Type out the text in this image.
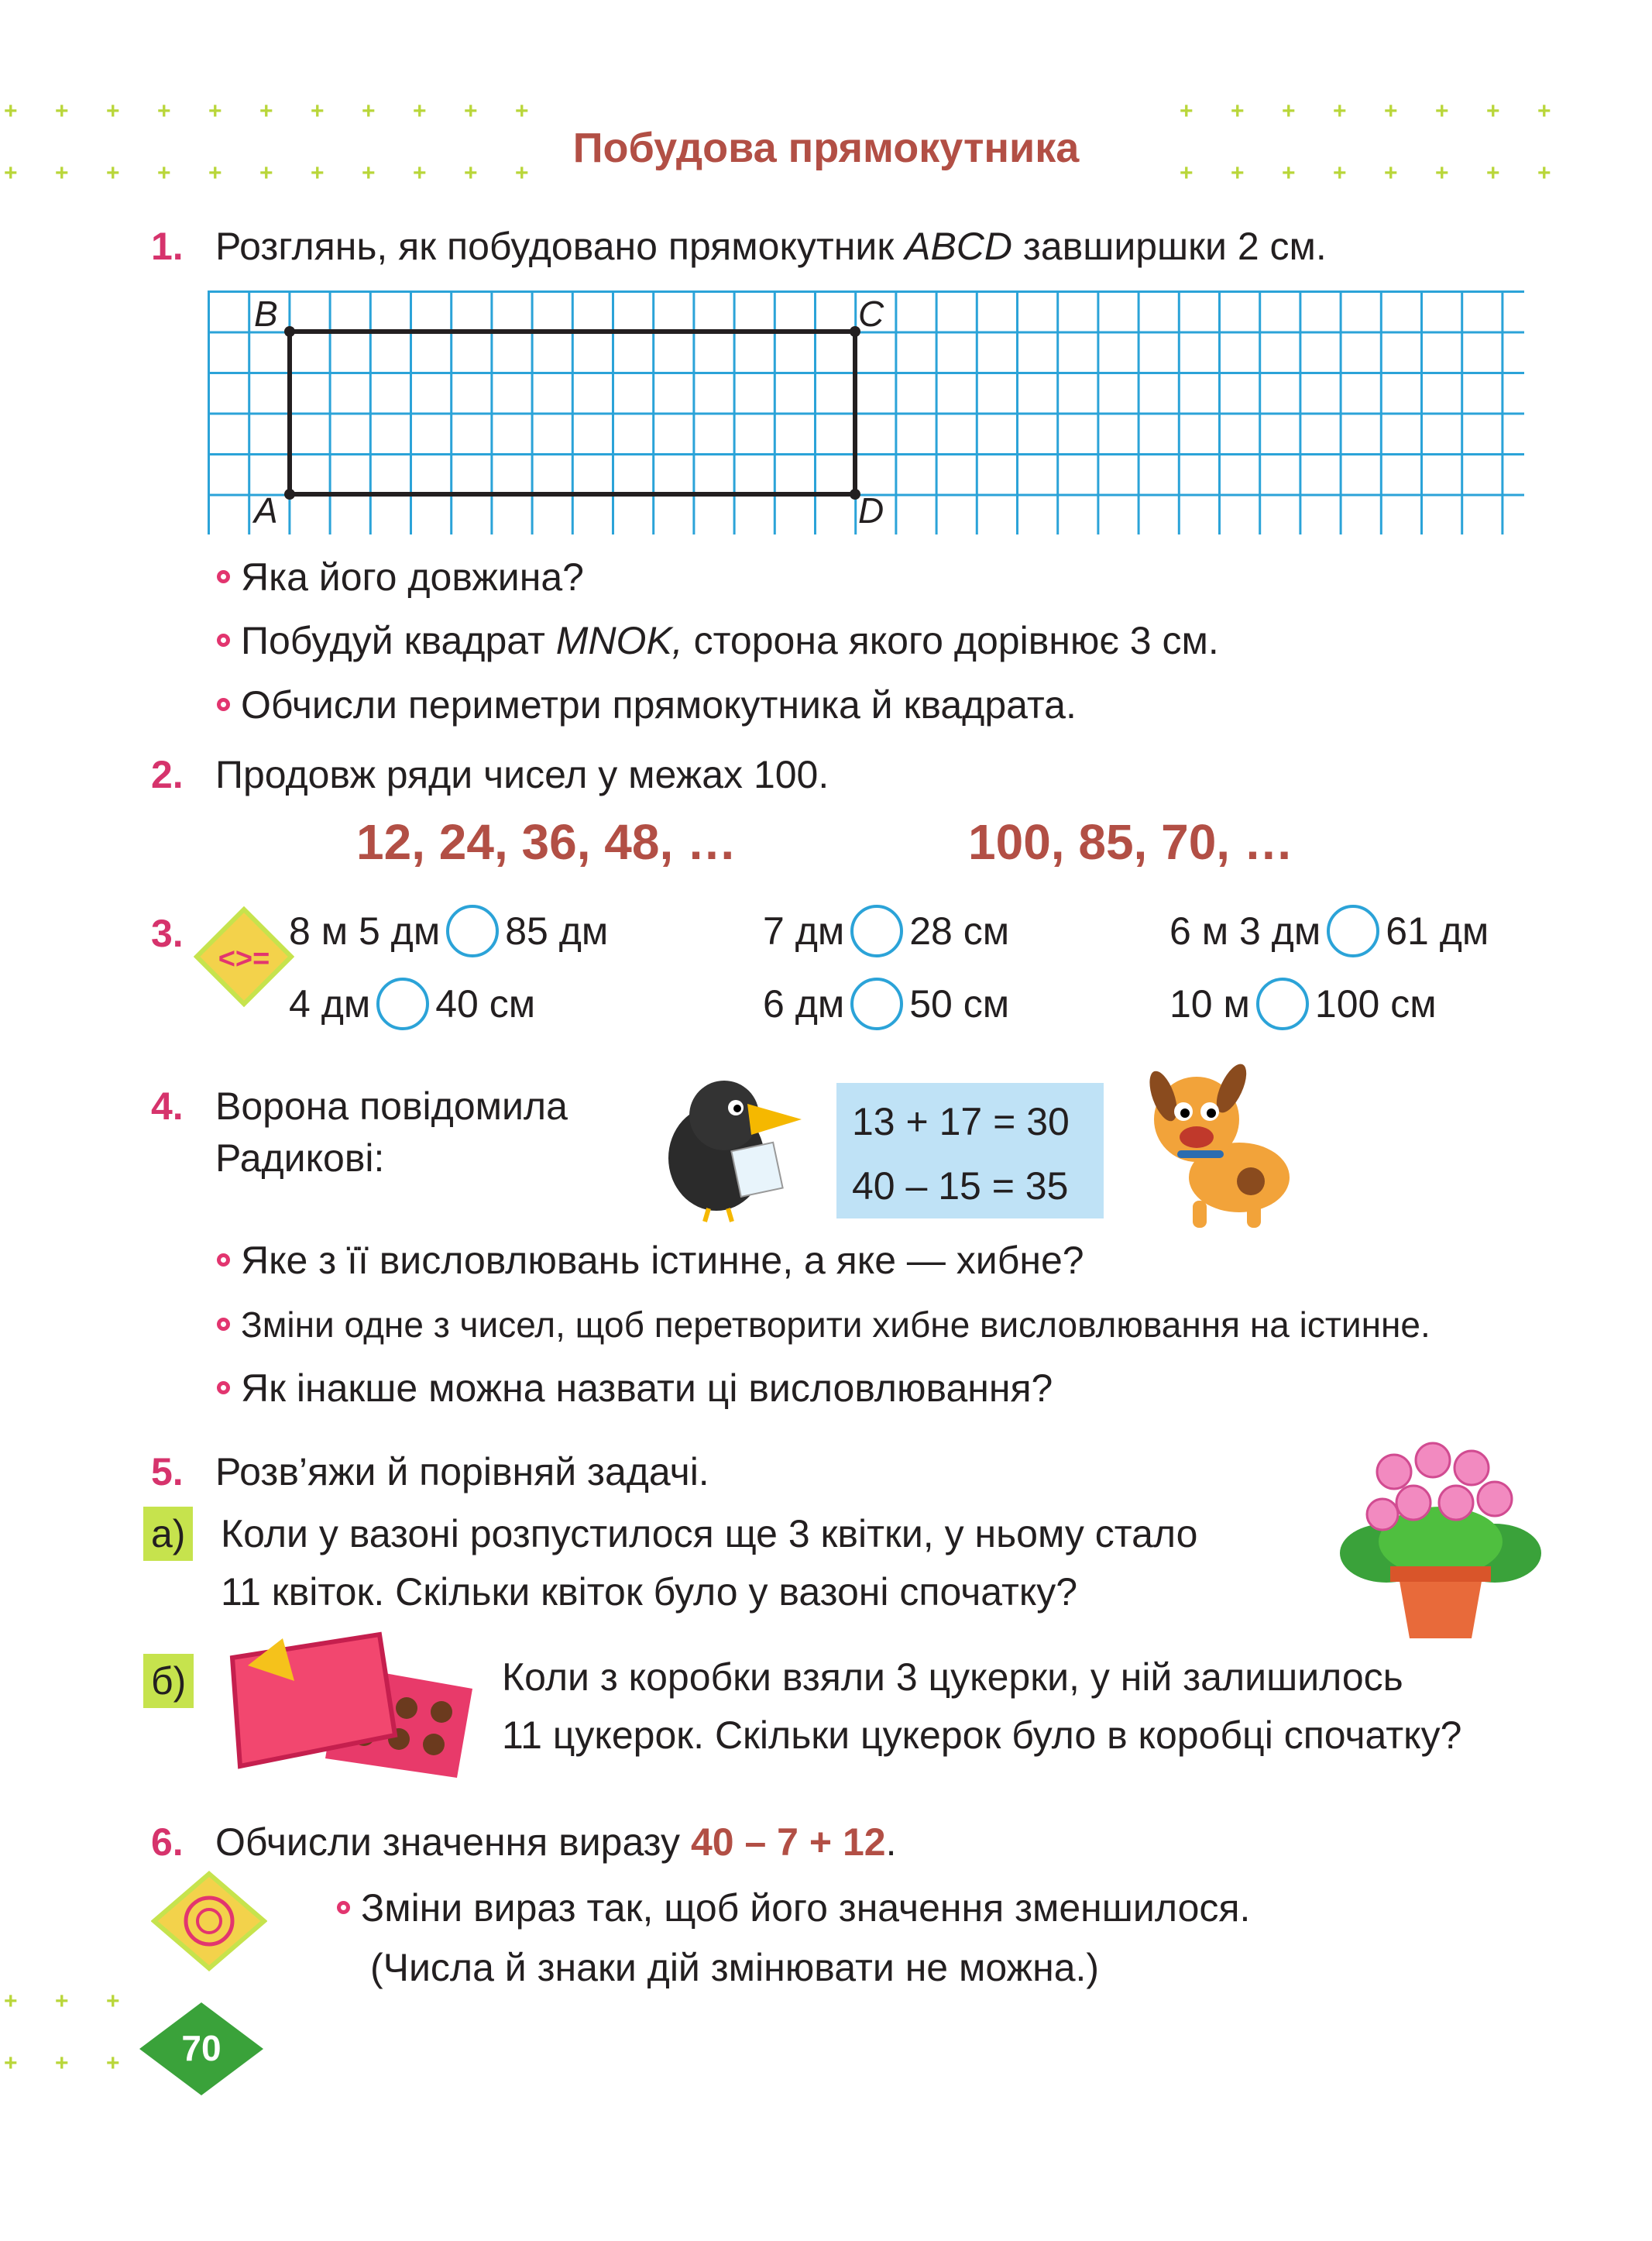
+ + + + + + + + + + +	+ + + + + + + +
+ + + + + + + + + + +	+ + + + + + + +
+ + +
+ + +
Побудова прямокутника
1. Розглянь, як побудовано прямокутник ABCD завширшки 2 см.
B	C
A	D
Яка його довжина?
Побудуй квадрат MNOK, сторона якого дорівнює 3 см.
Обчисли периметри прямокутника й квадрата.
2. Продовж ряди чисел у межах 100.
12, 24, 36, 48, …	100, 85, 70, …
3.
<>=
8 м 5 дм 85 дм	7 дм 28 см	6 м 3 дм 61 дм
4 дм 40 см	6 дм 50 см	10 м 100 см
4. Ворона повідомила
Радикові:
13 + 17 = 30
40 – 15 = 35
Яке з її висловлювань істинне, а яке — хибне?
Зміни одне з чисел, щоб перетворити хибне висловлювання на істинне.
Як інакше можна назвати ці висловлювання?
5. Розв’яжи й порівняй задачі.
а) Коли у вазоні розпустилося ще 3 квітки, у ньому стало
11 квіток. Скільки квіток було у вазоні спочатку?
б)	Коли з коробки взяли 3 цукерки, у ній залишилось
11 цукерок. Скільки цукерок було в коробці спочатку?
6. Обчисли значення виразу 40 – 7 + 12.
Зміни вираз так, щоб його значення зменшилося.
(Числа й знаки дій змінювати не можна.)
70
